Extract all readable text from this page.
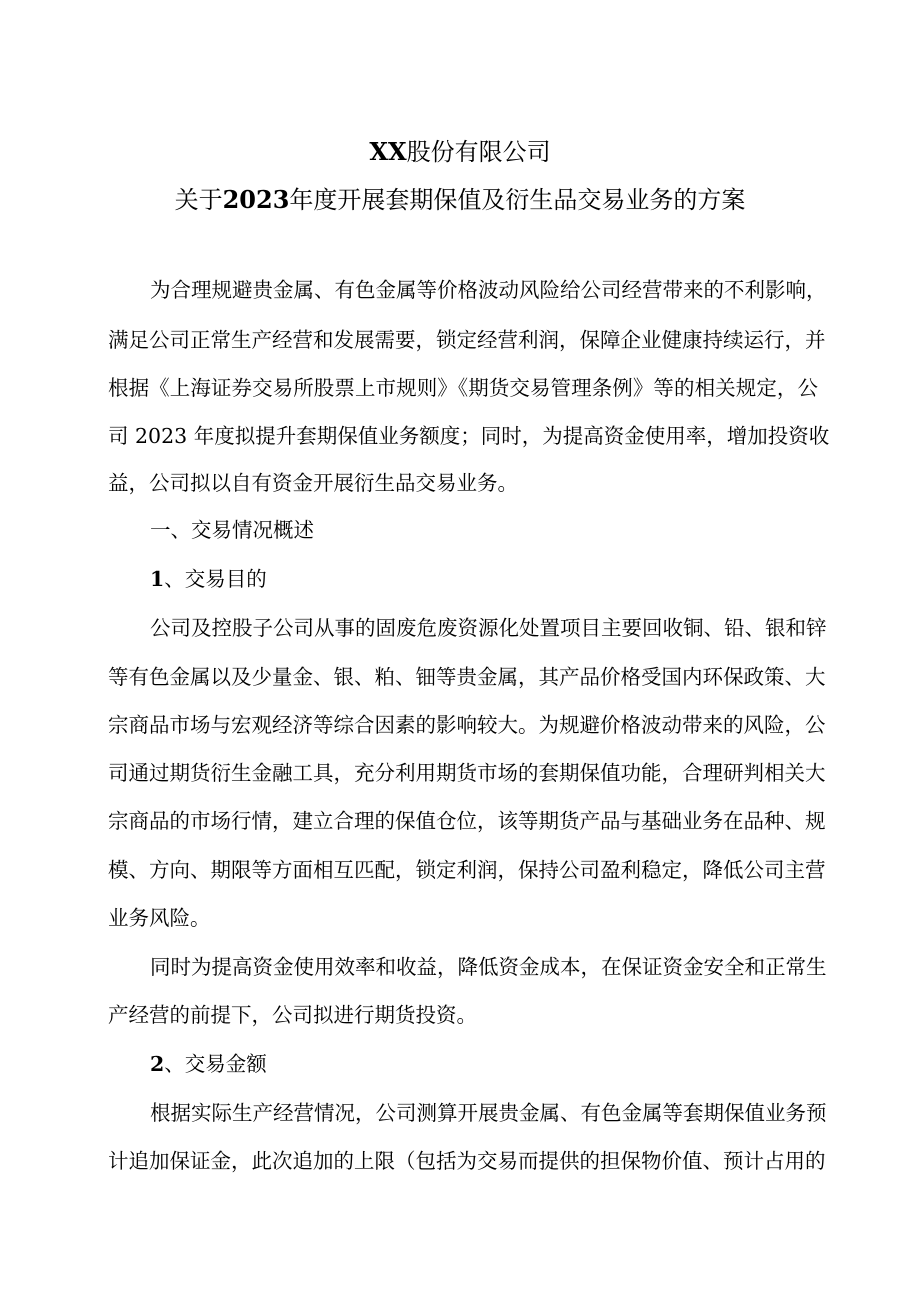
XX股份有限公司
关于2023年度开展套期保值及衍生品交易业务的方案
为合理规避贵金属、有色金属等价格波动风险给公司经营带来的不利影响，
满足公司正常生产经营和发展需要，锁定经营利润，保障企业健康持续运行，并
根据《上海证券交易所股票上市规则》《期货交易管理条例》等的相关规定，公
司 2023 年度拟提升套期保值业务额度；同时，为提高资金使用率，增加投资收
益，公司拟以自有资金开展衍生品交易业务。
一、交易情况概述
1、交易目的
公司及控股子公司从事的固废危废资源化处置项目主要回收铜、铅、银和锌
等有色金属以及少量金、银、粕、钿等贵金属，其产品价格受国内环保政策、大
宗商品市场与宏观经济等综合因素的影响较大。为规避价格波动带来的风险，公
司通过期货衍生金融工具，充分利用期货市场的套期保值功能，合理研判相关大
宗商品的市场行情，建立合理的保值仓位，该等期货产品与基础业务在品种、规
模、方向、期限等方面相互匹配，锁定利润，保持公司盈利稳定，降低公司主营
业务风险。
同时为提高资金使用效率和收益，降低资金成本，在保证资金安全和正常生
产经营的前提下，公司拟进行期货投资。
2、交易金额
根据实际生产经营情况，公司测算开展贵金属、有色金属等套期保值业务预
计追加保证金，此次追加的上限（包括为交易而提供的担保物价值、预计占用的
